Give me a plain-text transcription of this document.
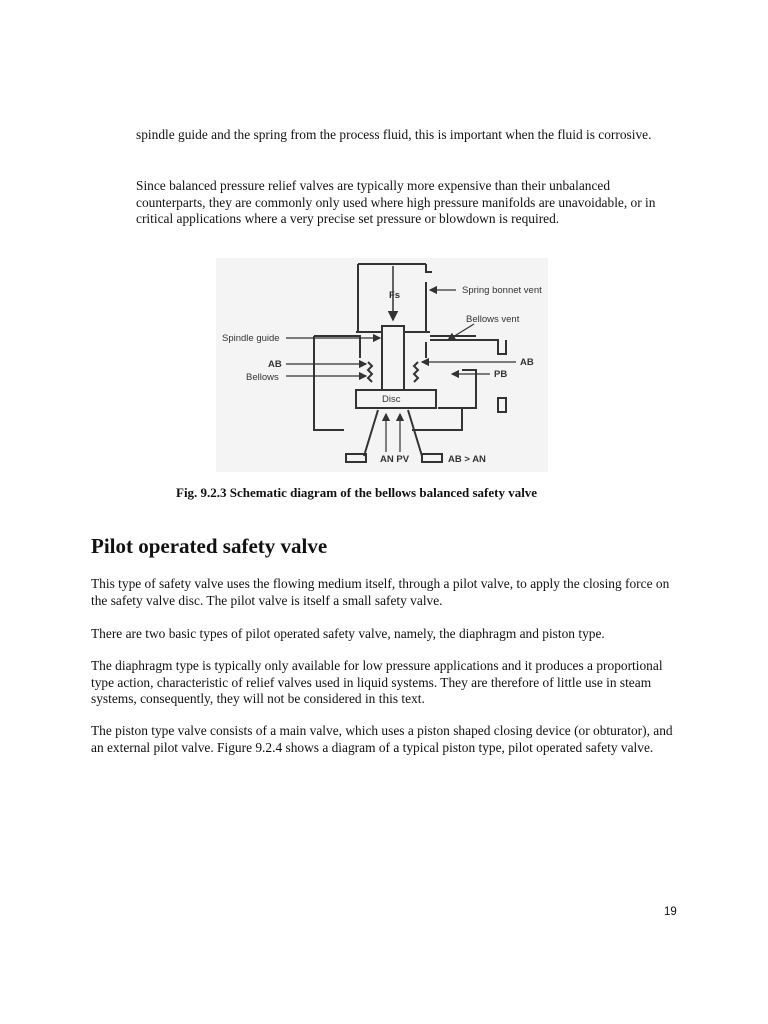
spindle guide and the spring from the process fluid, this is important when the fluid is corrosive.

Since balanced pressure relief valves are typically more expensive than their unbalanced counterparts, they are commonly only used where high pressure manifolds are unavoidable, or in critical applications where a very precise set pressure or blowdown is required.

Fs	Spring bonnet vent
Bellows vent
Spindle guide
AB
Bellows
AB
PB
Disc
AN PV	AB > AN

Fig. 9.2.3 Schematic diagram of the bellows balanced safety valve

Pilot operated safety valve

This type of safety valve uses the flowing medium itself, through a pilot valve, to apply the closing force on the safety valve disc. The pilot valve is itself a small safety valve.

There are two basic types of pilot operated safety valve, namely, the diaphragm and piston type.

The diaphragm type is typically only available for low pressure applications and it produces a proportional type action, characteristic of relief valves used in liquid systems. They are therefore of little use in steam systems, consequently, they will not be considered in this text.

The piston type valve consists of a main valve, which uses a piston shaped closing device (or obturator), and an external pilot valve. Figure 9.2.4 shows a diagram of a typical piston type, pilot operated safety valve.

19
